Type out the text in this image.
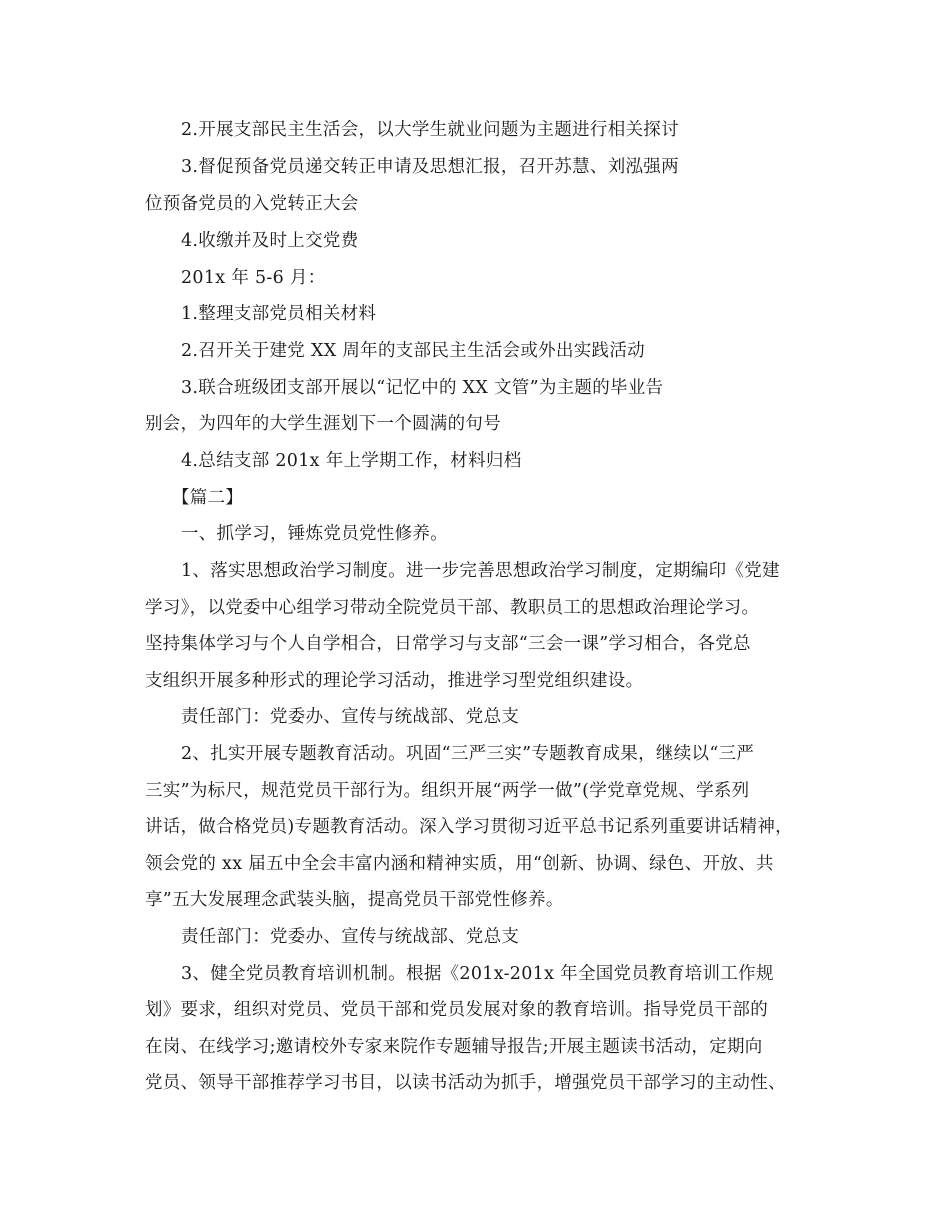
2.开展支部民主生活会，以大学生就业问题为主题进行相关探讨
3.督促预备党员递交转正申请及思想汇报，召开苏慧、刘泓强两
位预备党员的入党转正大会
4.收缴并及时上交党费
201x 年 5-6 月：
1.整理支部党员相关材料
2.召开关于建党 XX 周年的支部民主生活会或外出实践活动
3.联合班级团支部开展以“记忆中的 XX 文管”为主题的毕业告
别会，为四年的大学生涯划下一个圆满的句号
4.总结支部 201x 年上学期工作，材料归档
【篇二】
一、抓学习，锤炼党员党性修养。
1、落实思想政治学习制度。进一步完善思想政治学习制度，定期编印《党建
学习》，以党委中心组学习带动全院党员干部、教职员工的思想政治理论学习。
坚持集体学习与个人自学相合，日常学习与支部“三会一课”学习相合，各党总
支组织开展多种形式的理论学习活动，推进学习型党组织建设。
责任部门：党委办、宣传与统战部、党总支
2、扎实开展专题教育活动。巩固“三严三实”专题教育成果，继续以“三严
三实”为标尺，规范党员干部行为。组织开展“两学一做”(学党章党规、学系列
讲话，做合格党员)专题教育活动。深入学习贯彻习近平总书记系列重要讲话精神，
领会党的 xx 届五中全会丰富内涵和精神实质，用“创新、协调、绿色、开放、共
享”五大发展理念武装头脑，提高党员干部党性修养。
责任部门：党委办、宣传与统战部、党总支
3、健全党员教育培训机制。根据《201x-201x 年全国党员教育培训工作规
划》要求，组织对党员、党员干部和党员发展对象的教育培训。指导党员干部的
在岗、在线学习;邀请校外专家来院作专题辅导报告;开展主题读书活动，定期向
党员、领导干部推荐学习书目，以读书活动为抓手，增强党员干部学习的主动性、
